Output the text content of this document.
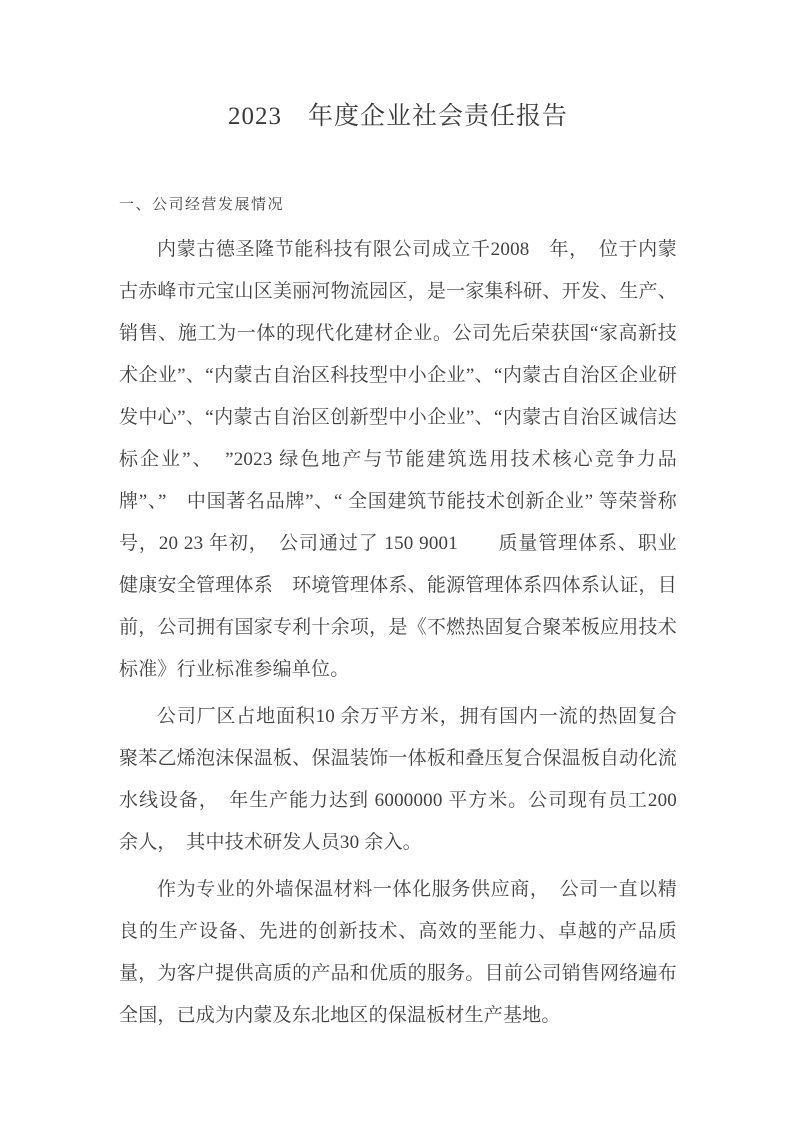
2023　年度企业社会责任报告
一、公司经营发展情况

内蒙古德圣隆节能科技有限公司成立千2008　年，　位于内蒙古赤峰市元宝山区美丽河物流园区，是一家集科研、开发、生产、销售、施工为一体的现代化建材企业。公司先后荣获国“家高新技术企业”、“内蒙古自治区科技型中小企业”、“内蒙古自治区企业研发中心”、“内蒙古自治区创新型中小企业”、“内蒙古自治区诚信达标企业”、　”2023 绿色地产与节能建筑选用技术核心竞争力品牌”、”　中国著名品牌”、“ 全国建筑节能技术创新企业” 等荣誉称号，20 23 年初，　公司通过了 150 9001　　质量管理体系、职业健康安全管理体系　环境管理体系、能源管理体系四体系认证，目前，公司拥有国家专利十余项，是《不燃热固复合聚苯板应用技术标准》行业标准参编单位。

公司厂区占地面积10 余万平方米，拥有国内一流的热固复合聚苯乙烯泡沫保温板、保温装饰一体板和叠压复合保温板自动化流水线设备，　年生产能力达到 6000000 平方米。公司现有员工200 余人，　其中技术研发人员30 余入。

作为专业的外墙保温材料一体化服务供应商，　公司一直以精良的生产设备、先进的创新技术、高效的垩能力、卓越的产品质量，为客户提供高质的产品和优质的服务。目前公司销售网络遍布全国，已成为内蒙及东北地区的保温板材生产基地。
